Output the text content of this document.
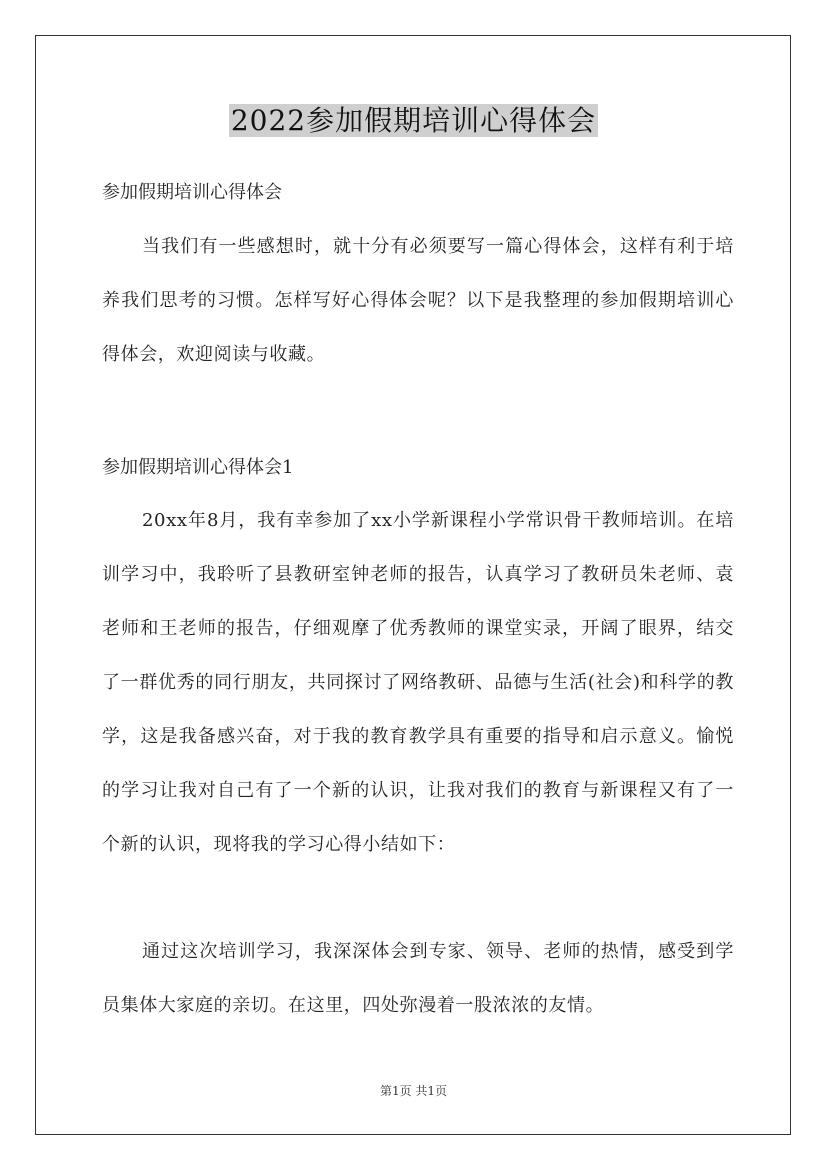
2022参加假期培训心得体会
参加假期培训心得体会
当我们有一些感想时，就十分有必须要写一篇心得体会，这样有利于培养我们思考的习惯。怎样写好心得体会呢？以下是我整理的参加假期培训心得体会，欢迎阅读与收藏。
参加假期培训心得体会1
20xx年8月，我有幸参加了xx小学新课程小学常识骨干教师培训。在培训学习中，我聆听了县教研室钟老师的报告，认真学习了教研员朱老师、袁老师和王老师的报告，仔细观摩了优秀教师的课堂实录，开阔了眼界，结交了一群优秀的同行朋友，共同探讨了网络教研、品德与生活(社会)和科学的教学，这是我备感兴奋，对于我的教育教学具有重要的指导和启示意义。愉悦的学习让我对自己有了一个新的认识，让我对我们的教育与新课程又有了一个新的认识，现将我的学习心得小结如下：
通过这次培训学习，我深深体会到专家、领导、老师的热情，感受到学员集体大家庭的亲切。在这里，四处弥漫着一股浓浓的友情。
第1页 共1页
